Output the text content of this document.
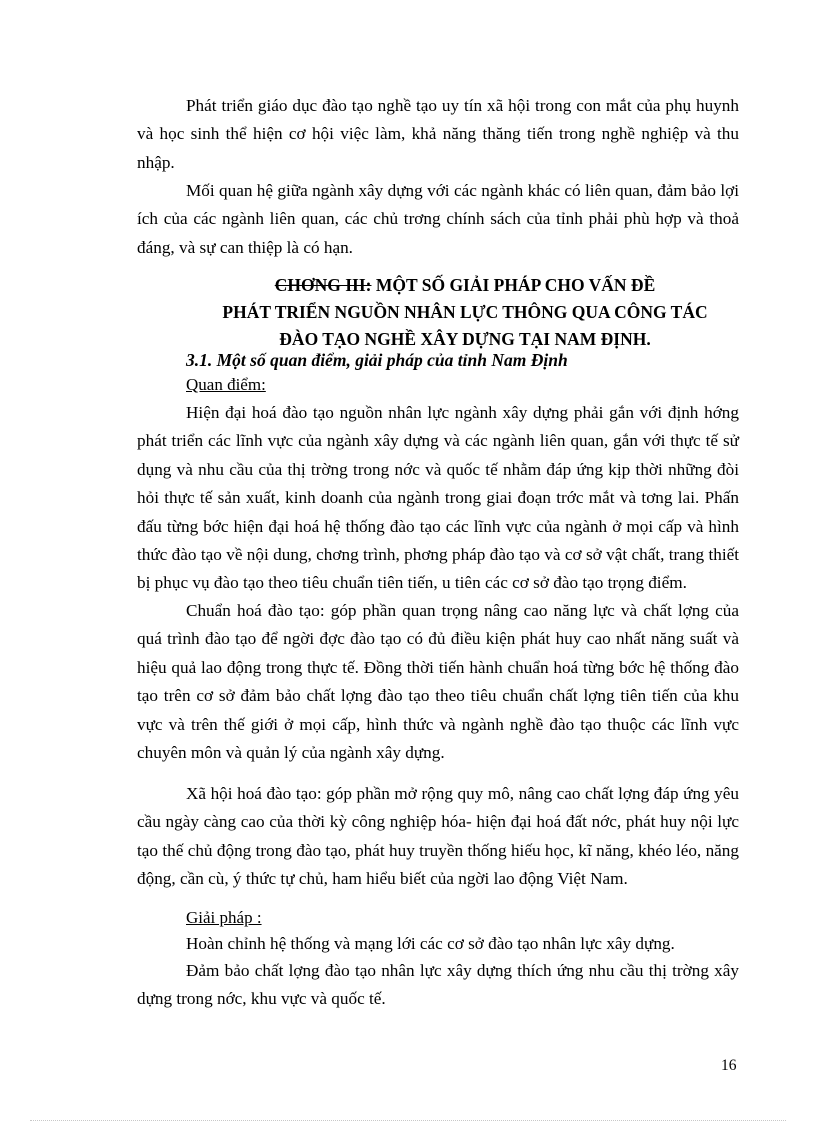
Phát triển giáo dục đào tạo nghề tạo uy tín xã hội trong con mắt của phụ huynh và học sinh thể hiện cơ hội việc làm, khả năng thăng tiến trong nghề nghiệp và thu nhập.

Mối quan hệ giữa ngành xây dựng với các ngành khác có liên quan, đảm bảo lợi ích của các ngành liên quan, các chủ trơng chính sách của tỉnh phải phù hợp và thoả đáng, và sự can thiệp là có hạn.

CHƠNG III: MỘT SỐ GIẢI PHÁP CHO VẤN ĐỀ
PHÁT TRIỂN NGUỒN NHÂN LỰC THÔNG QUA CÔNG TÁC
ĐÀO TẠO NGHỀ XÂY DỰNG TẠI NAM ĐỊNH.

3.1. Một số quan điểm, giải pháp của tỉnh Nam Định

Quan điểm:

Hiện đại hoá đào tạo nguồn nhân lực ngành xây dựng phải gắn với định hớng phát triển các lĩnh vực của ngành xây dựng và các ngành liên quan, gắn với thực tế sử dụng và nhu cầu của thị trờng trong nớc và quốc tế nhằm đáp ứng kịp thời những đòi hỏi thực tế sản xuất, kinh doanh của ngành trong giai đoạn trớc mắt và tơng lai. Phấn đấu từng bớc hiện đại hoá hệ thống đào tạo các lĩnh vực của ngành ở mọi cấp và hình thức đào tạo về nội dung, chơng trình, phơng pháp đào tạo và cơ sở vật chất, trang thiết bị phục vụ đào tạo theo tiêu chuẩn tiên tiến, u tiên các cơ sở đào tạo trọng điểm.

Chuẩn hoá đào tạo: góp phần quan trọng nâng cao năng lực và chất lợng của quá trình đào tạo để ngời đợc đào tạo có đủ điều kiện phát huy cao nhất năng suất và hiệu quả lao động trong thực tế. Đồng thời tiến hành chuẩn hoá từng bớc hệ thống đào tạo trên cơ sở đảm bảo chất lợng đào tạo theo tiêu chuẩn chất lợng tiên tiến của khu vực và trên thế giới ở mọi cấp, hình thức và ngành nghề đào tạo thuộc các lĩnh vực chuyên môn và quản lý của ngành xây dựng.

Xã hội hoá đào tạo: góp phần mở rộng quy mô, nâng cao chất lợng đáp ứng yêu cầu ngày càng cao của thời kỳ công nghiệp hóa- hiện đại hoá đất nớc, phát huy nội lực tạo thế chủ động trong đào tạo, phát huy truyền thống hiếu học, kĩ năng, khéo léo, năng động, cần cù, ý thức tự chủ, ham hiểu biết của ngời lao động Việt Nam.

Giải pháp :

Hoàn chỉnh hệ thống và mạng lới các cơ sở đào tạo nhân lực xây dựng.

Đảm bảo chất lợng đào tạo nhân lực xây dựng thích ứng nhu cầu thị trờng xây dựng trong nớc, khu vực và quốc tế.

16
